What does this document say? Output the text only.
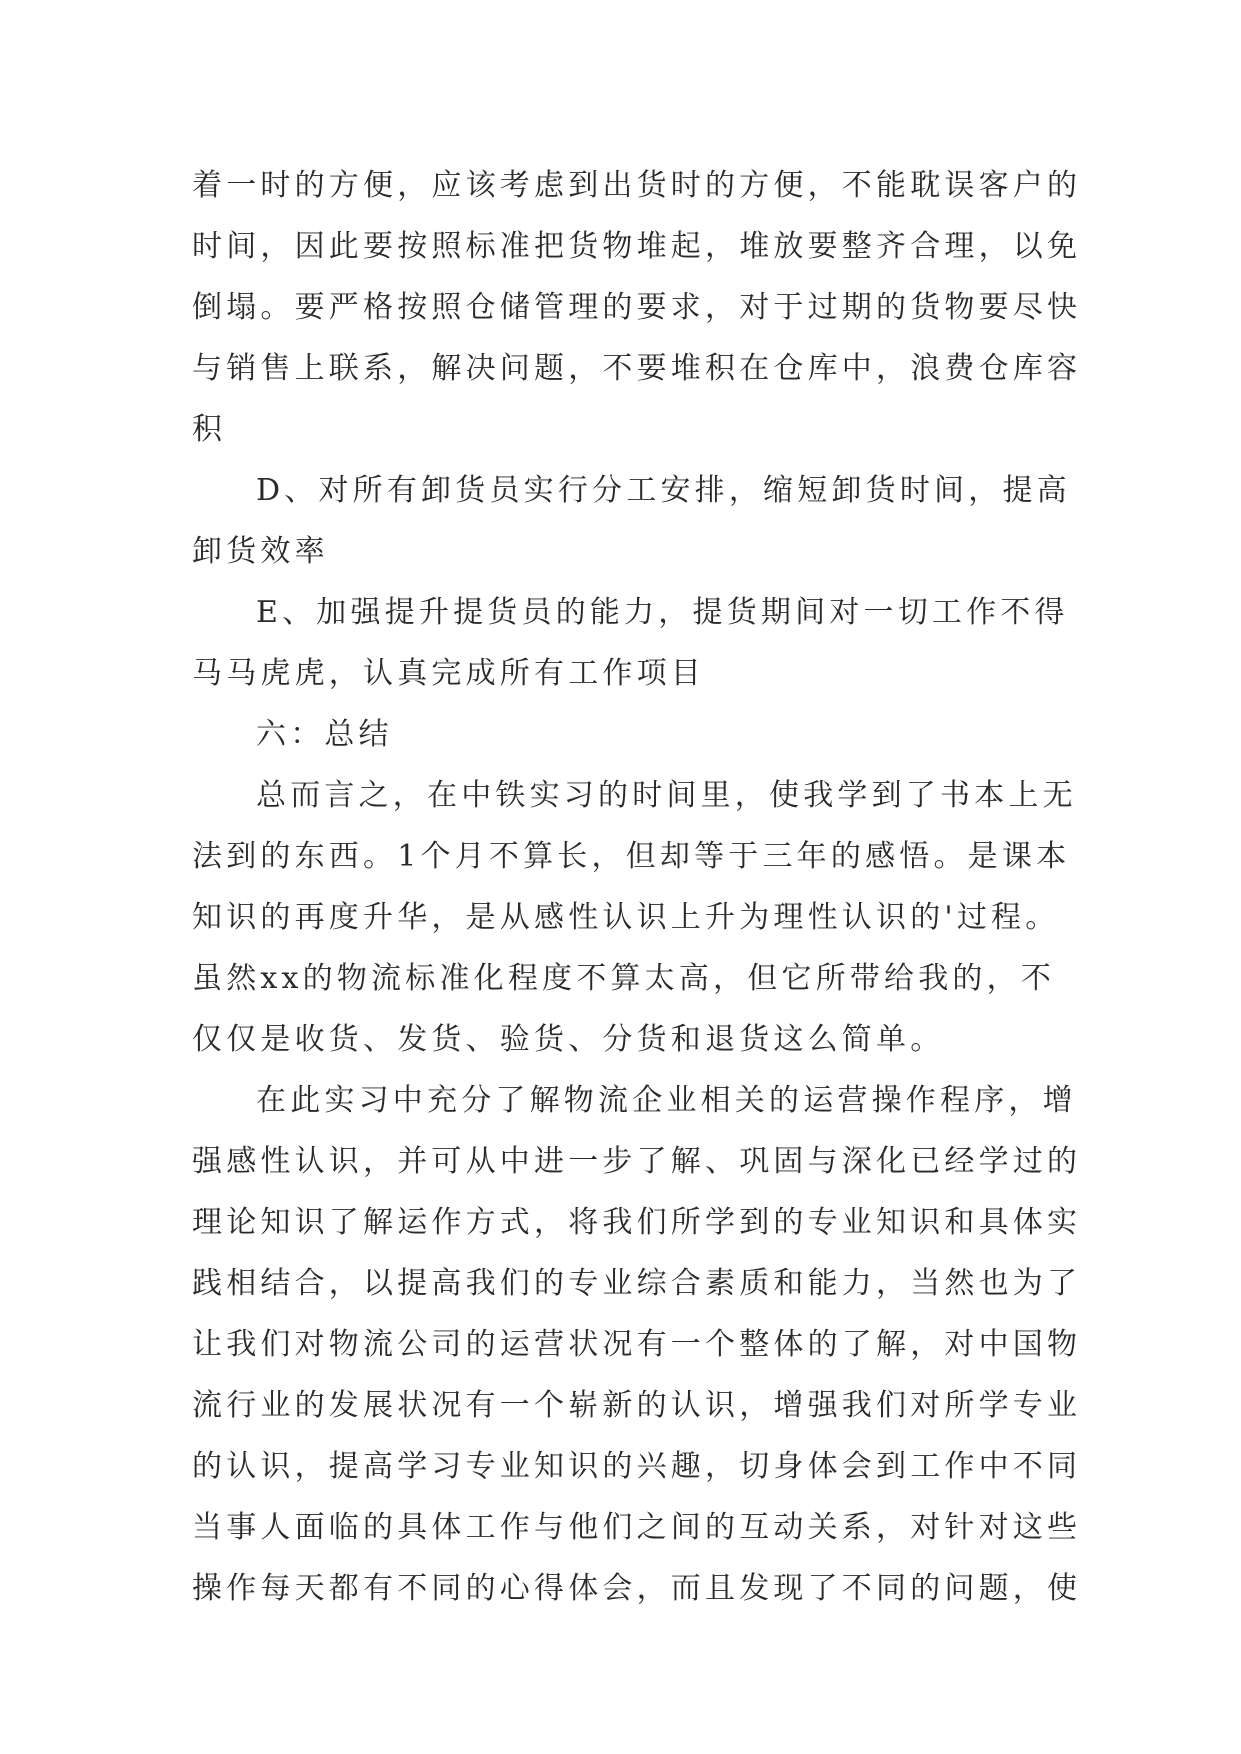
着一时的方便，应该考虑到出货时的方便，不能耽误客户的
时间，因此要按照标准把货物堆起，堆放要整齐合理，以免
倒塌。要严格按照仓储管理的要求，对于过期的货物要尽快
与销售上联系，解决问题，不要堆积在仓库中，浪费仓库容
积
D、对所有卸货员实行分工安排，缩短卸货时间，提高
卸货效率
E、加强提升提货员的能力，提货期间对一切工作不得
马马虎虎，认真完成所有工作项目
六：总结
总而言之，在中铁实习的时间里，使我学到了书本上无
法到的东西。1个月不算长，但却等于三年的感悟。是课本
知识的再度升华，是从感性认识上升为理性认识的'过程。
虽然xx的物流标准化程度不算太高，但它所带给我的，不
仅仅是收货、发货、验货、分货和退货这么简单。
在此实习中充分了解物流企业相关的运营操作程序，增
强感性认识，并可从中进一步了解、巩固与深化已经学过的
理论知识了解运作方式，将我们所学到的专业知识和具体实
践相结合，以提高我们的专业综合素质和能力，当然也为了
让我们对物流公司的运营状况有一个整体的了解，对中国物
流行业的发展状况有一个崭新的认识，增强我们对所学专业
的认识，提高学习专业知识的兴趣，切身体会到工作中不同
当事人面临的具体工作与他们之间的互动关系，对针对这些
操作每天都有不同的心得体会，而且发现了不同的问题，使
